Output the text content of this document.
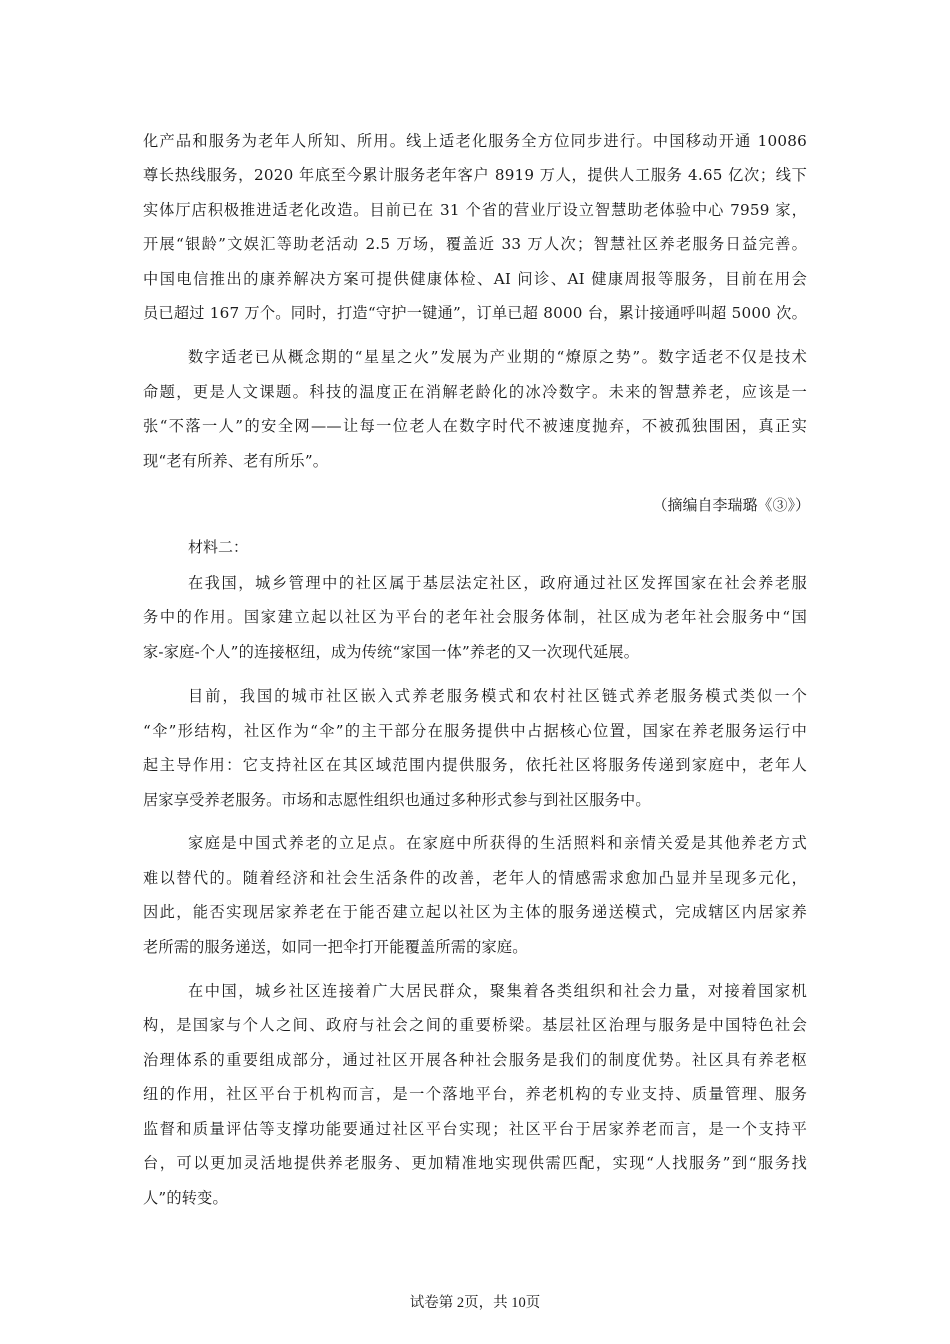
化产品和服务为老年人所知、所用。线上适老化服务全方位同步进行。中国移动开通 10086
尊长热线服务，2020 年底至今累计服务老年客户 8919 万人，提供人工服务 4.65 亿次；线下
实体厅店积极推进适老化改造。目前已在 31 个省的营业厅设立智慧助老体验中心 7959 家，
开展“银龄”文娱汇等助老活动 2.5 万场，覆盖近 33 万人次；智慧社区养老服务日益完善。
中国电信推出的康养解决方案可提供健康体检、AI 问诊、AI 健康周报等服务，目前在用会
员已超过 167 万个。同时，打造“守护一键通”，订单已超 8000 台，累计接通呼叫超 5000 次。
数字适老已从概念期的“星星之火”发展为产业期的“燎原之势”。数字适老不仅是技术
命题，更是人文课题。科技的温度正在消解老龄化的冰冷数字。未来的智慧养老，应该是一
张“不落一人”的安全网——让每一位老人在数字时代不被速度抛弃，不被孤独围困，真正实
现“老有所养、老有所乐”。
（摘编自李瑞璐《③》）
材料二：
在我国，城乡管理中的社区属于基层法定社区，政府通过社区发挥国家在社会养老服
务中的作用。国家建立起以社区为平台的老年社会服务体制，社区成为老年社会服务中“国
家-家庭-个人”的连接枢纽，成为传统“家国一体”养老的又一次现代延展。
目前，我国的城市社区嵌入式养老服务模式和农村社区链式养老服务模式类似一个
“伞”形结构，社区作为“伞”的主干部分在服务提供中占据核心位置，国家在养老服务运行中
起主导作用：它支持社区在其区域范围内提供服务，依托社区将服务传递到家庭中，老年人
居家享受养老服务。市场和志愿性组织也通过多种形式参与到社区服务中。
家庭是中国式养老的立足点。在家庭中所获得的生活照料和亲情关爱是其他养老方式
难以替代的。随着经济和社会生活条件的改善，老年人的情感需求愈加凸显并呈现多元化，
因此，能否实现居家养老在于能否建立起以社区为主体的服务递送模式，完成辖区内居家养
老所需的服务递送，如同一把伞打开能覆盖所需的家庭。
在中国，城乡社区连接着广大居民群众，聚集着各类组织和社会力量，对接着国家机
构，是国家与个人之间、政府与社会之间的重要桥梁。基层社区治理与服务是中国特色社会
治理体系的重要组成部分，通过社区开展各种社会服务是我们的制度优势。社区具有养老枢
纽的作用，社区平台于机构而言，是一个落地平台，养老机构的专业支持、质量管理、服务
监督和质量评估等支撑功能要通过社区平台实现；社区平台于居家养老而言，是一个支持平
台，可以更加灵活地提供养老服务、更加精准地实现供需匹配，实现“人找服务”到“服务找
人”的转变。
试卷第 2页，共 10页
